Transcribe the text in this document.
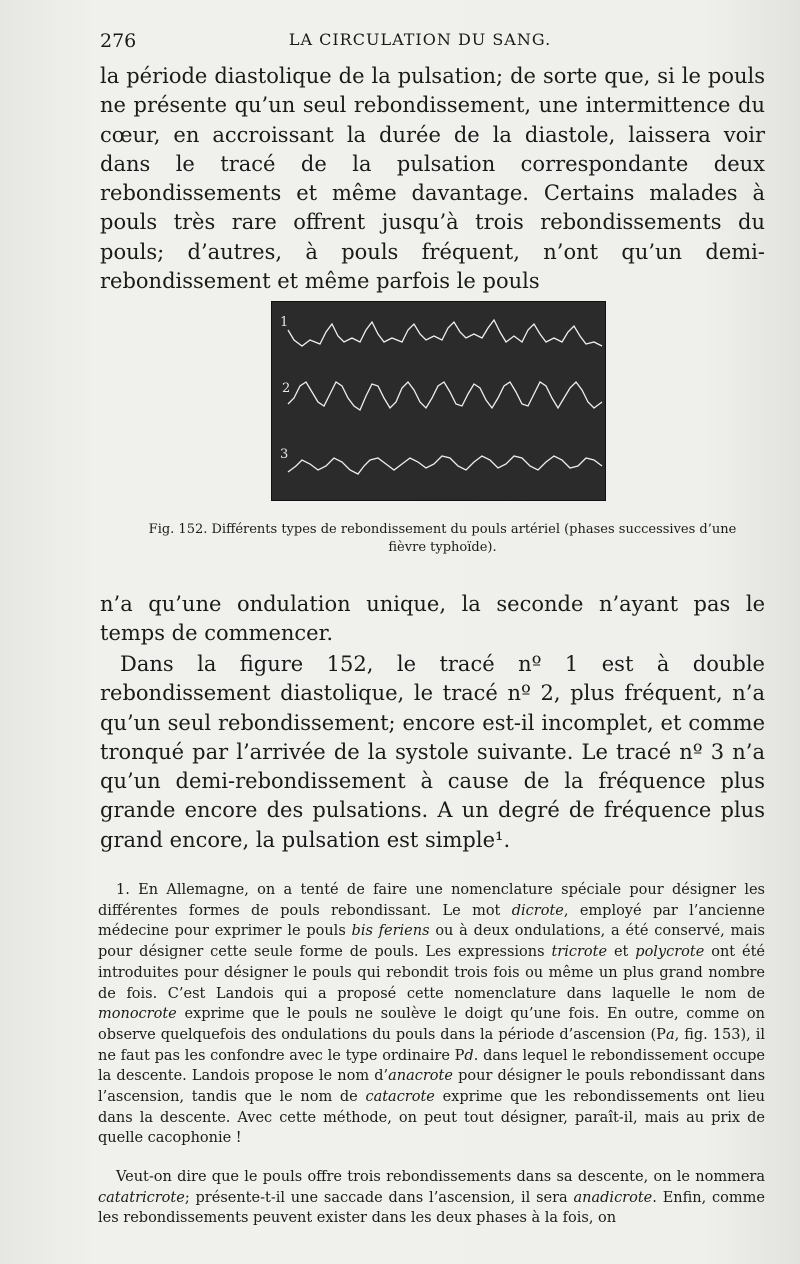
276	LA CIRCULATION DU SANG.

la période diastolique de la pulsation; de sorte que, si le pouls ne présente qu’un seul rebondissement, une intermittence du cœur, en accroissant la durée de la diastole, laissera voir dans le tracé de la pulsation correspondante deux rebondissements et même davantage. Certains malades à pouls très rare offrent jusqu’à trois rebondissements du pouls; d’autres, à pouls fréquent, n’ont qu’un demi-rebondissement et même parfois le pouls

1
2
3

Fig. 152. Différents types de rebondissement du pouls artériel (phases successives d’une fièvre typhoïde).

n’a qu’une ondulation unique, la seconde n’ayant pas le temps de commencer.

Dans la figure 152, le tracé nº 1 est à double rebondissement diastolique, le tracé nº 2, plus fréquent, n’a qu’un seul rebondissement; encore est-il incomplet, et comme tronqué par l’arrivée de la systole suivante. Le tracé nº 3 n’a qu’un demi-rebondissement à cause de la fréquence plus grande encore des pulsations. A un degré de fréquence plus grand encore, la pulsation est simple¹.

1. En Allemagne, on a tenté de faire une nomenclature spéciale pour désigner les différentes formes de pouls rebondissant. Le mot dicrote, employé par l’ancienne médecine pour exprimer le pouls bis feriens ou à deux ondulations, a été conservé, mais pour désigner cette seule forme de pouls. Les expressions tricrote et polycrote ont été introduites pour désigner le pouls qui rebondit trois fois ou même un plus grand nombre de fois. C’est Landois qui a proposé cette nomenclature dans laquelle le nom de monocrote exprime que le pouls ne soulève le doigt qu’une fois. En outre, comme on observe quelquefois des ondulations du pouls dans la période d’ascension (Pa, fig. 153), il ne faut pas les confondre avec le type ordinaire Pd. dans lequel le rebondissement occupe la descente. Landois propose le nom d’anacrote pour désigner le pouls rebondissant dans l’ascension, tandis que le nom de catacrote exprime que les rebondissements ont lieu dans la descente. Avec cette méthode, on peut tout désigner, paraît-il, mais au prix de quelle cacophonie !

Veut-on dire que le pouls offre trois rebondissements dans sa descente, on le nommera catatricrote; présente-t-il une saccade dans l’ascension, il sera anadicrote. Enfin, comme les rebondissements peuvent exister dans les deux phases à la fois, on
